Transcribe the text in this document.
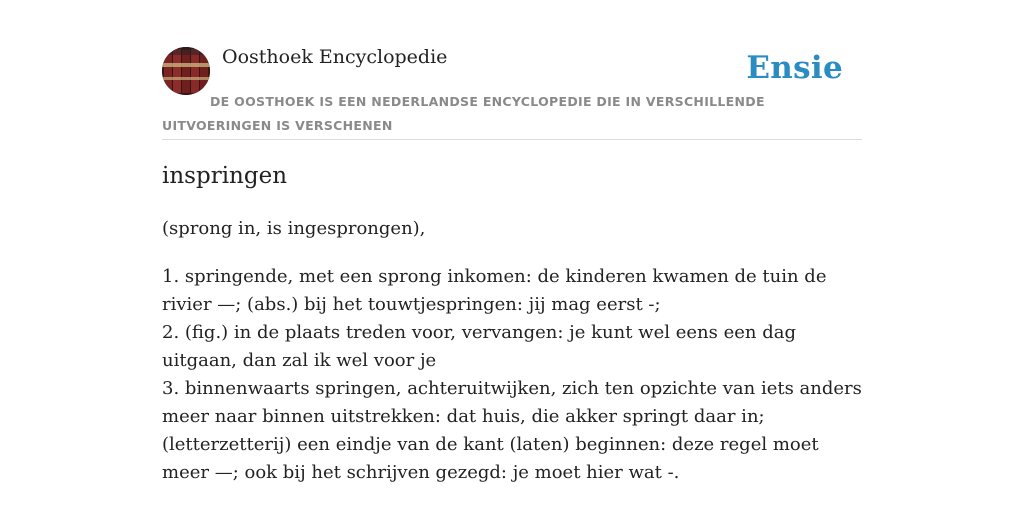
Oosthoek Encyclopedie	Ensie
DE OOSTHOEK IS EEN NEDERLANDSE ENCYCLOPEDIE DIE IN VERSCHILLENDE UITVOERINGEN IS VERSCHENEN
inspringen
(sprong in, is ingesprongen),
1. springende, met een sprong inkomen: de kinderen kwamen de tuin de rivier —; (abs.) bij het touwtjespringen: jij mag eerst -;
2. (fig.) in de plaats treden voor, vervangen: je kunt wel eens een dag uitgaan, dan zal ik wel voor je
3. binnenwaarts springen, achteruitwijken, zich ten opzichte van iets anders meer naar binnen uitstrekken: dat huis, die akker springt daar in; (letterzetterij) een eindje van de kant (laten) beginnen: deze regel moet meer —; ook bij het schrijven gezegd: je moet hier wat -.
